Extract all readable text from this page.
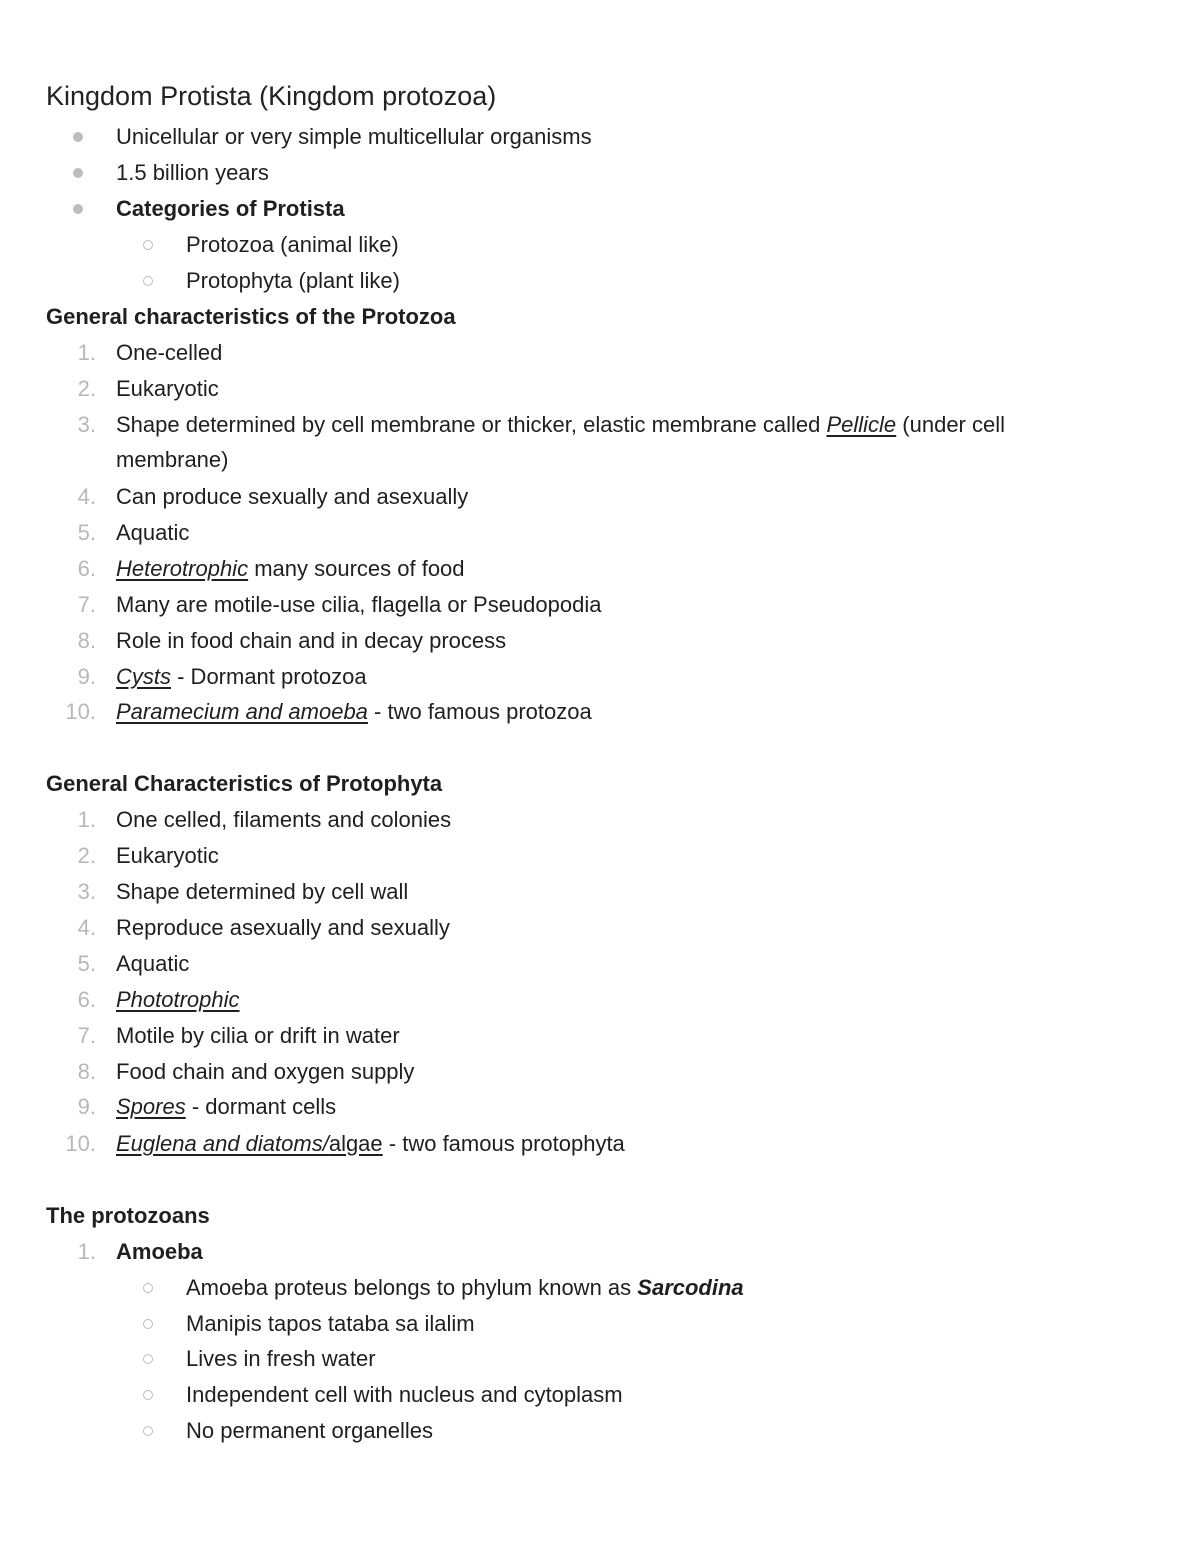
Kingdom Protista (Kingdom protozoa)
Unicellular or very simple multicellular organisms
1.5 billion years
Categories of Protista
Protozoa (animal like)
Protophyta (plant like)
General characteristics of the Protozoa
1. One-celled
2. Eukaryotic
3. Shape determined by cell membrane or thicker, elastic membrane called Pellicle (under cell
membrane)
4. Can produce sexually and asexually
5. Aquatic
6. Heterotrophic many sources of food
7. Many are motile-use cilia, flagella or Pseudopodia
8. Role in food chain and in decay process
9. Cysts - Dormant protozoa
10. Paramecium and amoeba - two famous protozoa
General Characteristics of Protophyta
1. One celled, filaments and colonies
2. Eukaryotic
3. Shape determined by cell wall
4. Reproduce asexually and sexually
5. Aquatic
6. Phototrophic
7. Motile by cilia or drift in water
8. Food chain and oxygen supply
9. Spores - dormant cells
10. Euglena and diatoms/algae - two famous protophyta
The protozoans
1. Amoeba
Amoeba proteus belongs to phylum known as Sarcodina
Manipis tapos tataba sa ilalim
Lives in fresh water
Independent cell with nucleus and cytoplasm
No permanent organelles
